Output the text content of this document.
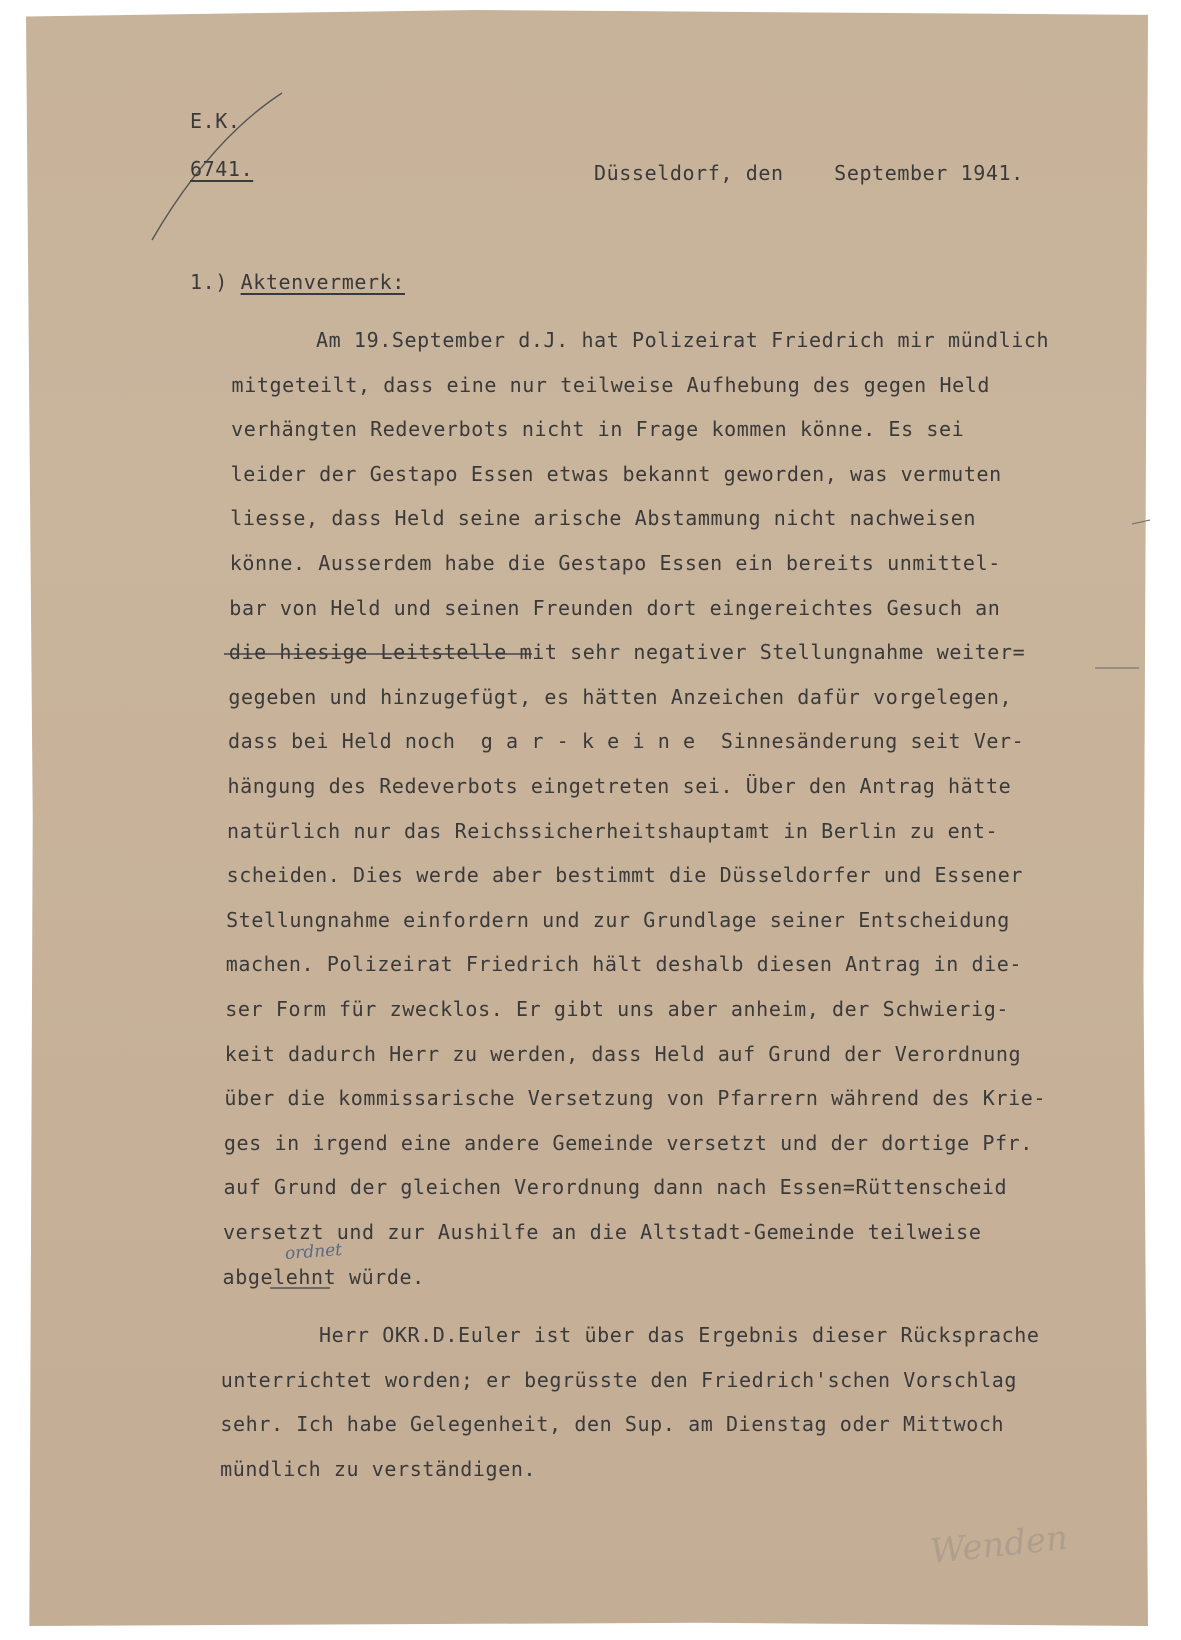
E.K.
6741.	Düsseldorf, den    September 1941.
1.) Aktenvermerk:
Am 19.September d.J. hat Polizeirat Friedrich mir mündlich
mitgeteilt, dass eine nur teilweise Aufhebung des gegen Held
verhängten Redeverbots nicht in Frage kommen könne. Es sei
leider der Gestapo Essen etwas bekannt geworden, was vermuten
liesse, dass Held seine arische Abstammung nicht nachweisen
könne. Ausserdem habe die Gestapo Essen ein bereits unmittel-
bar von Held und seinen Freunden dort eingereichtes Gesuch an
die hiesige Leitstelle mit sehr negativer Stellungnahme weiter=
gegeben und hinzugefügt, es hätten Anzeichen dafür vorgelegen,
dass bei Held noch  g a r - k e i n e  Sinnesänderung seit Ver-
hängung des Redeverbots eingetreten sei. Über den Antrag hätte
natürlich nur das Reichssicherheitshauptamt in Berlin zu ent-
scheiden. Dies werde aber bestimmt die Düsseldorfer und Essener
Stellungnahme einfordern und zur Grundlage seiner Entscheidung
machen. Polizeirat Friedrich hält deshalb diesen Antrag in die-
ser Form für zwecklos. Er gibt uns aber anheim, der Schwierig-
keit dadurch Herr zu werden, dass Held auf Grund der Verordnung
über die kommissarische Versetzung von Pfarrern während des Krie-
ges in irgend eine andere Gemeinde versetzt und der dortige Pfr.
auf Grund der gleichen Verordnung dann nach Essen=Rüttenscheid
versetzt und zur Aushilfe an die Altstadt-Gemeinde teilweise
abgelehnt würde.
Herr OKR.D.Euler ist über das Ergebnis dieser Rücksprache
unterrichtet worden; er begrüsste den Friedrich'schen Vorschlag
sehr. Ich habe Gelegenheit, den Sup. am Dienstag oder Mittwoch
mündlich zu verständigen.
ordnet
Wenden
